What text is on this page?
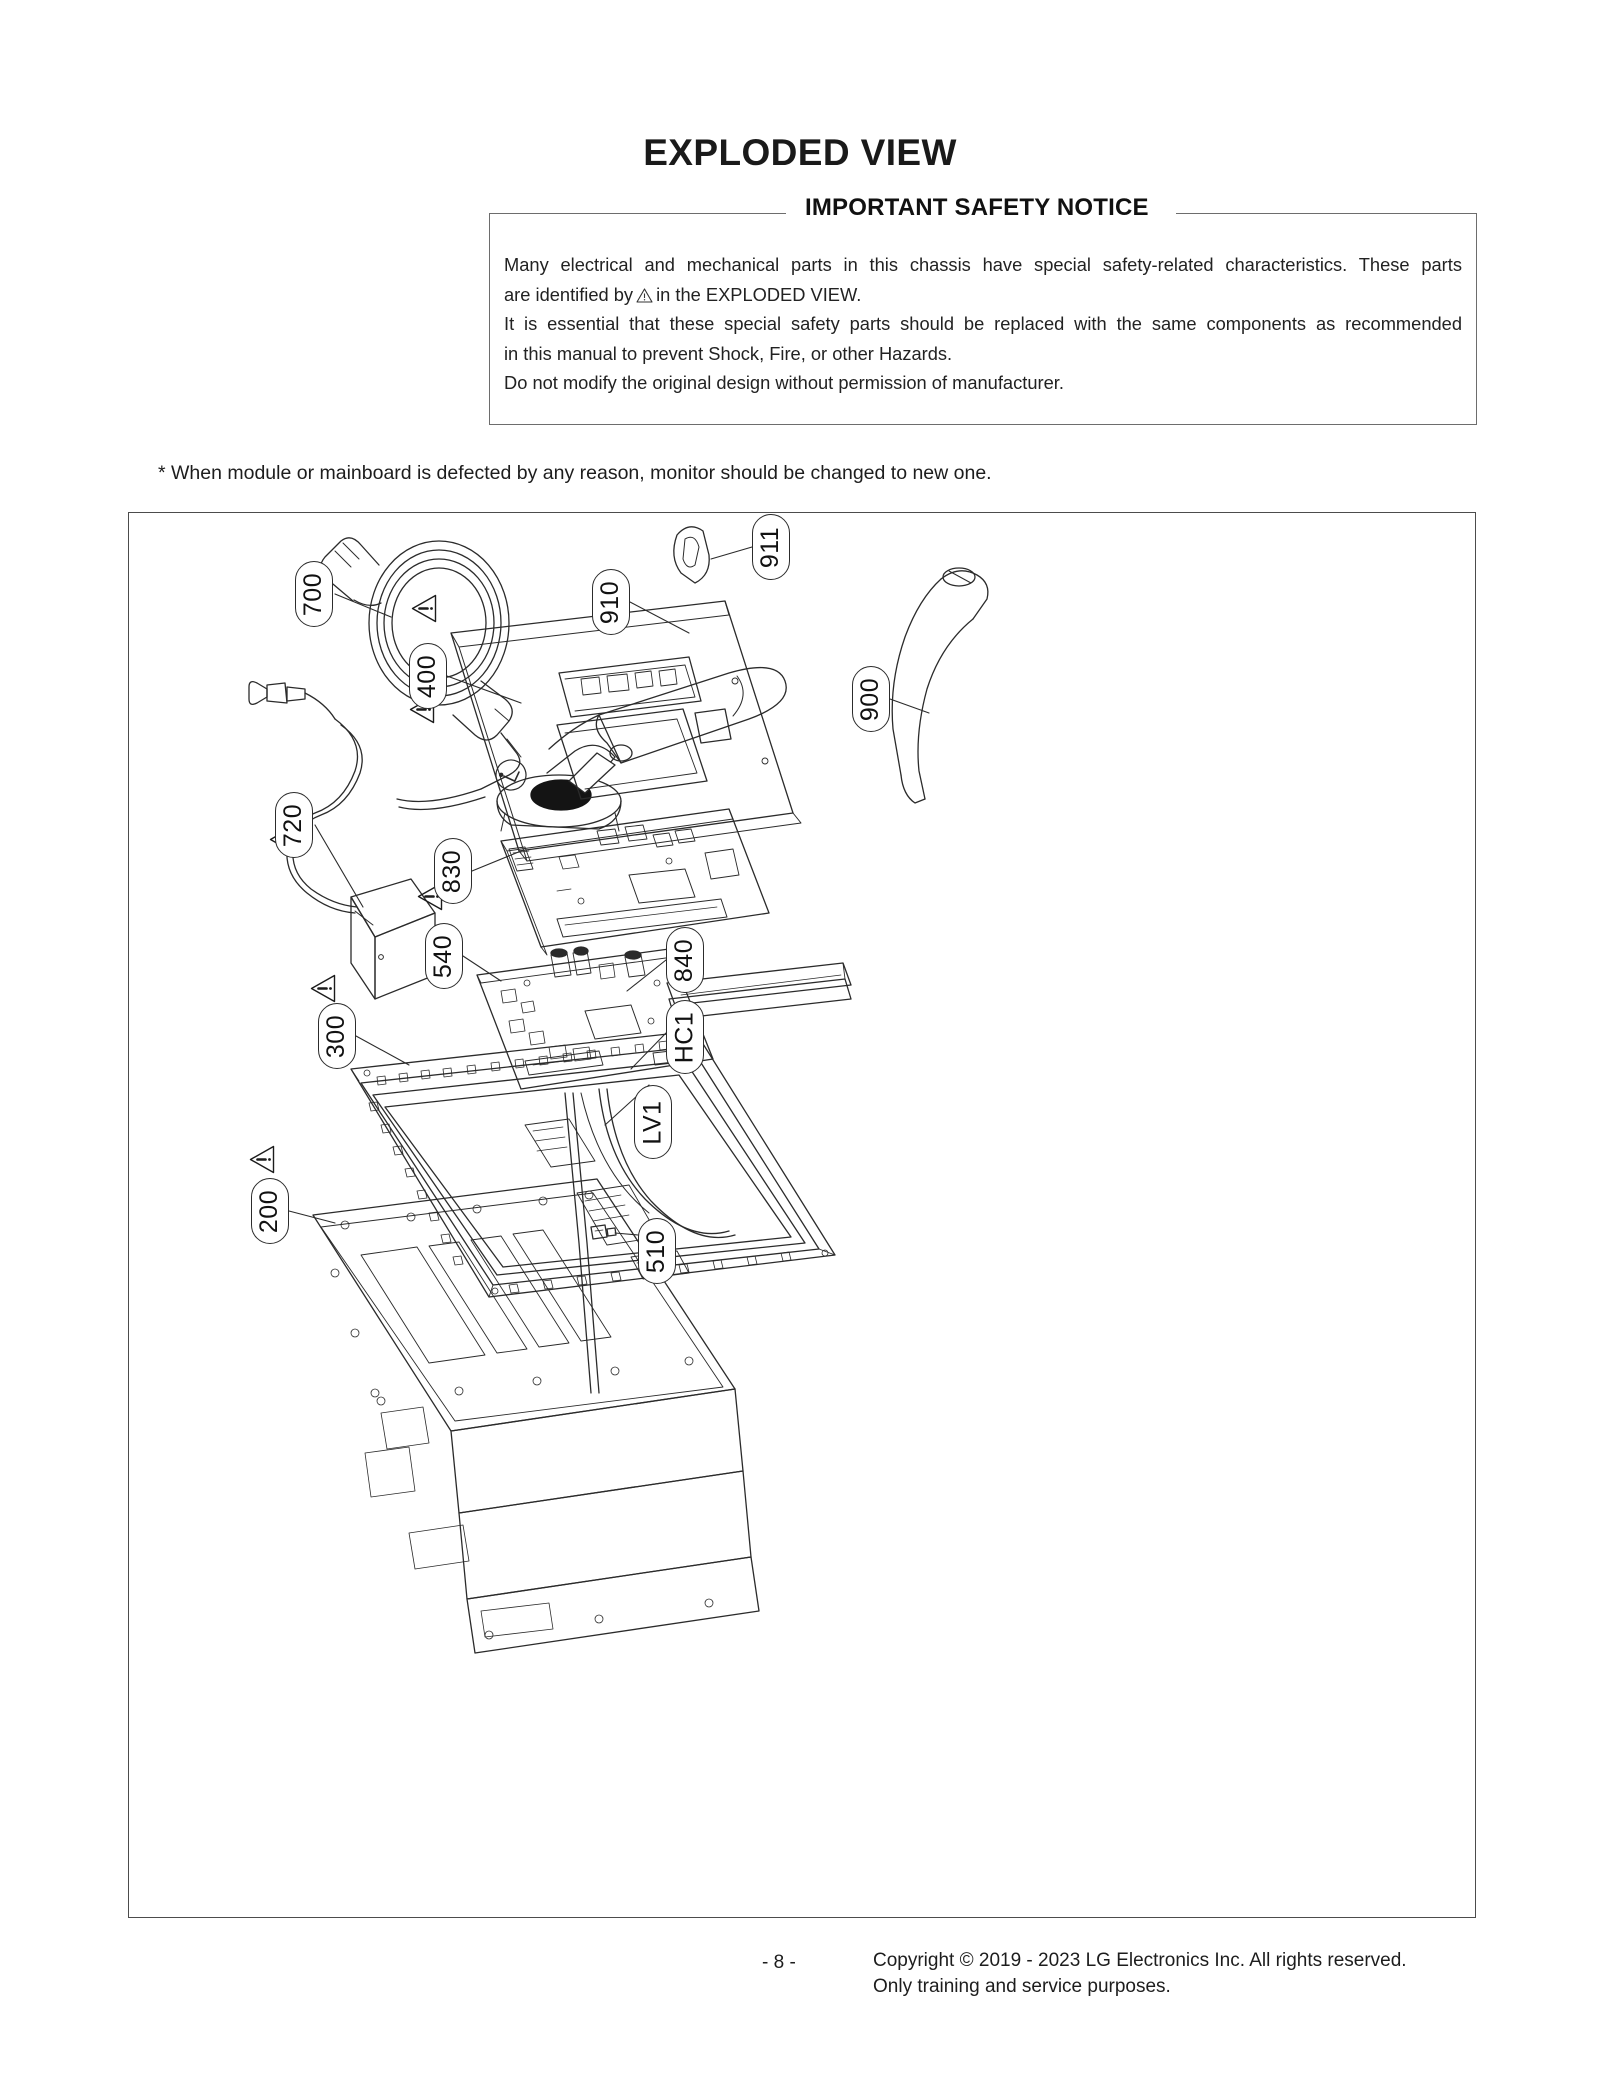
EXPLODED VIEW
IMPORTANT SAFETY NOTICE
Many electrical and mechanical parts in this chassis have special safety-related characteristics. These parts
are identified by in the EXPLODED VIEW.
It is essential that these special safety parts should be replaced with the same components as recommended
in this manual to prevent Shock, Fire, or other Hazards.
Do not modify the original design without permission of manufacturer.
* When module or mainboard is defected by any reason, monitor should be changed to new one.
700	910
911
400
900
720
830
540	840
300	HC1
LV1
200
510
- 8 -	Copyright © 2019 - 2023 LG Electronics Inc. All rights reserved.
Only training and service purposes.
